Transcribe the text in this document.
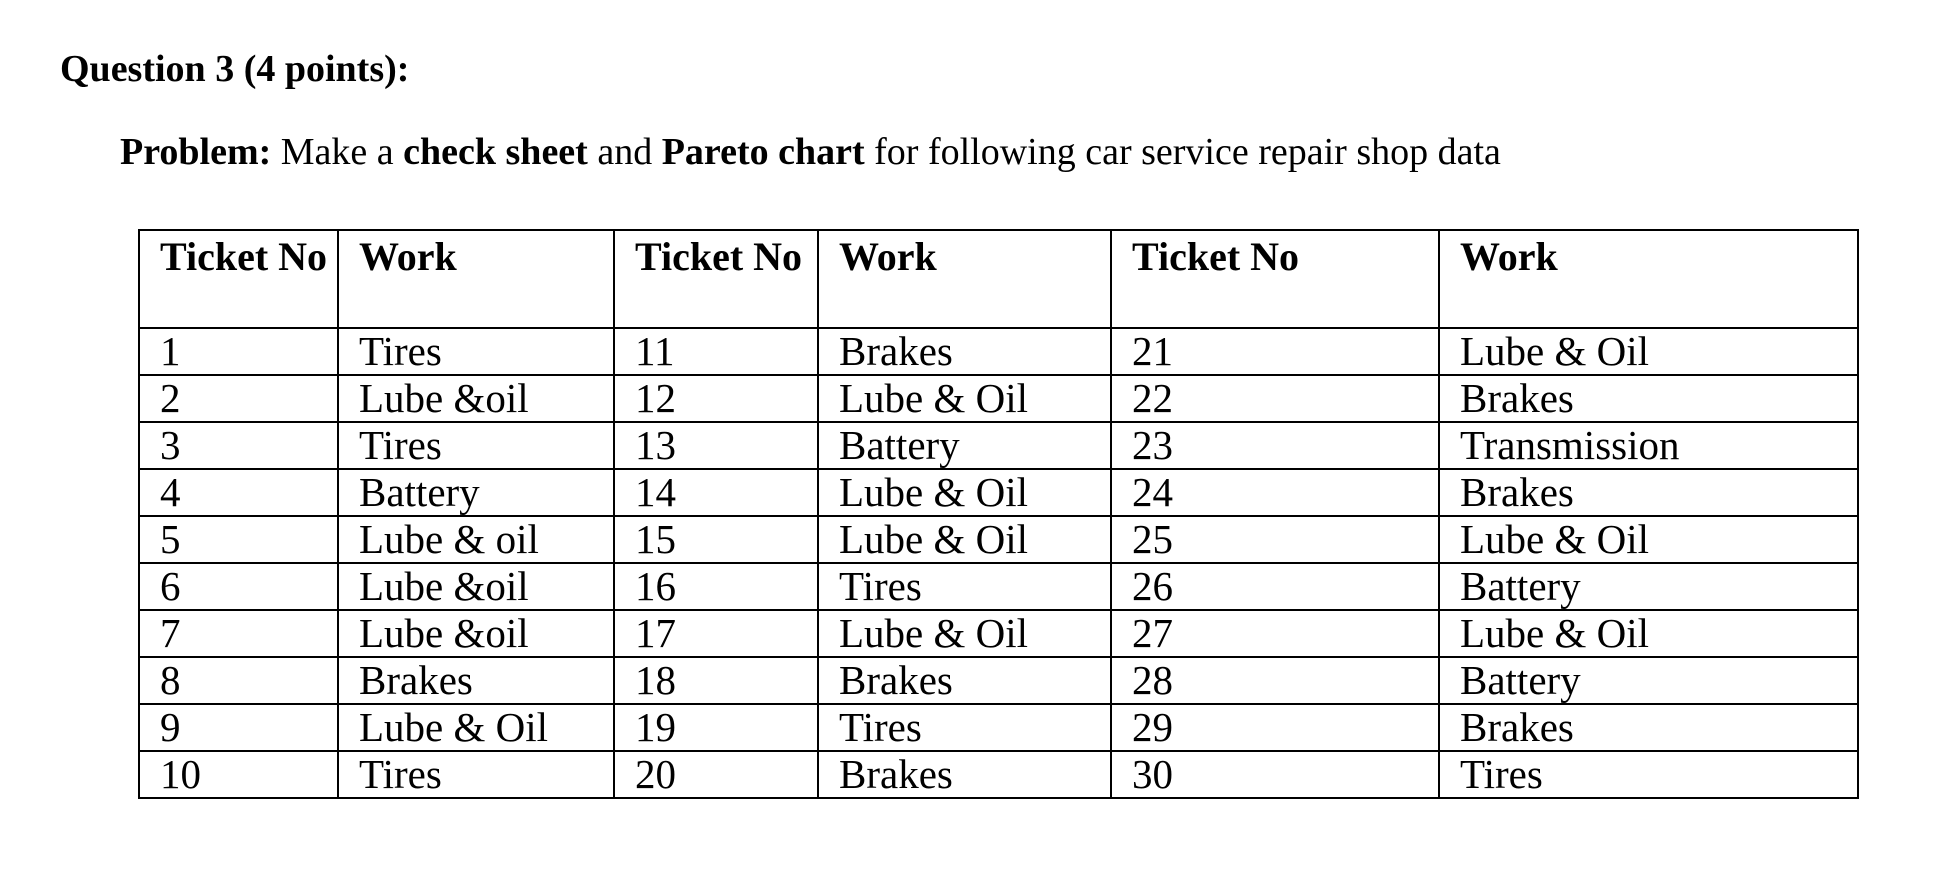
Question 3 (4 points):
Problem: Make a check sheet and Pareto chart for following car service repair shop data
Ticket No	Work	Ticket No	Work	Ticket No	Work
1	Tires	11	Brakes	21	Lube & Oil
2	Lube &oil	12	Lube & Oil	22	Brakes
3	Tires	13	Battery	23	Transmission
4	Battery	14	Lube & Oil	24	Brakes
5	Lube & oil	15	Lube & Oil	25	Lube & Oil
6	Lube &oil	16	Tires	26	Battery
7	Lube &oil	17	Lube & Oil	27	Lube & Oil
8	Brakes	18	Brakes	28	Battery
9	Lube & Oil	19	Tires	29	Brakes
10	Tires	20	Brakes	30	Tires
